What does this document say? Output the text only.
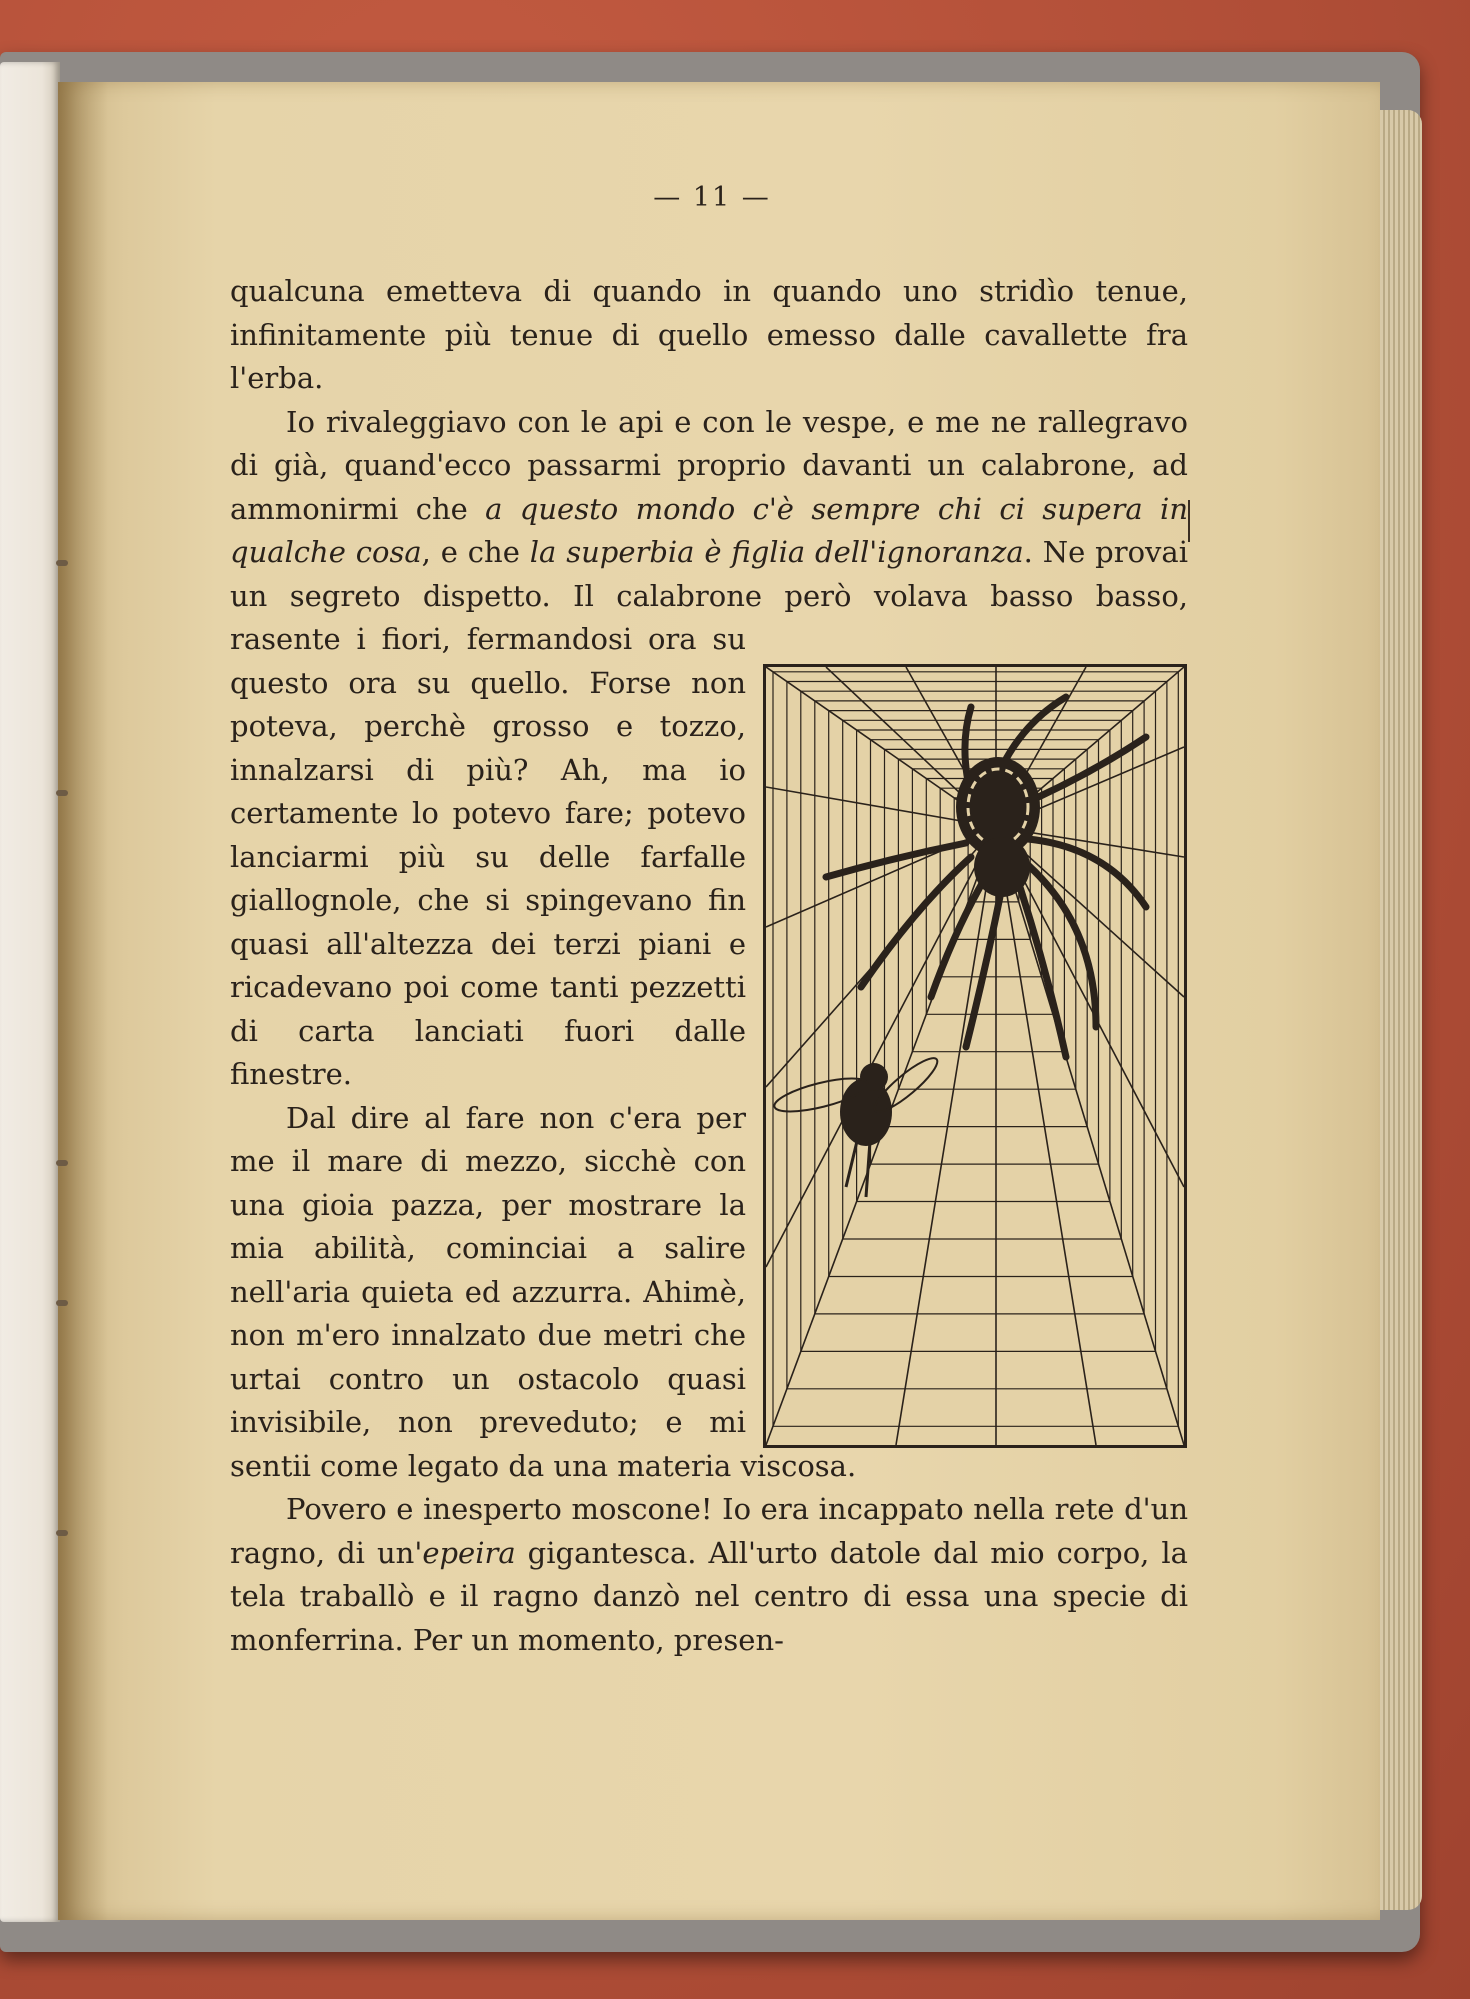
— 11 —

qualcuna emetteva di quando in quando uno stridìo tenue, infinitamente più tenue di quello emesso dalle cavallette fra l'erba.

Io rivaleggiavo con le api e con le vespe, e me ne rallegravo di già, quand'ecco passarmi proprio davanti un calabrone, ad ammonirmi che a questo mondo c'è sempre chi ci supera in qualche cosa, e che la superbia è figlia dell'ignoranza. Ne provai un segreto dispetto. Il calabrone però volava basso basso, rasente i fiori, fermandosi ora su questo ora su quello. Forse non poteva, perchè grosso e tozzo, innalzarsi di più? Ah, ma io certamente lo potevo fare; potevo lanciarmi più su delle farfalle giallognole, che si spingevano fin quasi all'altezza dei terzi piani e ricadevano poi come tanti pezzetti di carta lanciati fuori dalle finestre.

Dal dire al fare non c'era per me il mare di mezzo, sicchè con una gioia pazza, per mostrare la mia abilità, cominciai a salire nell'aria quieta ed azzurra. Ahimè, non m'ero innalzato due metri che urtai contro un ostacolo quasi invisibile, non preveduto; e mi sentii come legato da una materia viscosa.

Povero e inesperto moscone! Io era incappato nella rete d'un ragno, di un'epeira gigantesca. All'urto datole dal mio corpo, la tela traballò e il ragno danzò nel centro di essa una specie di monferrina. Per un momento, presen-
